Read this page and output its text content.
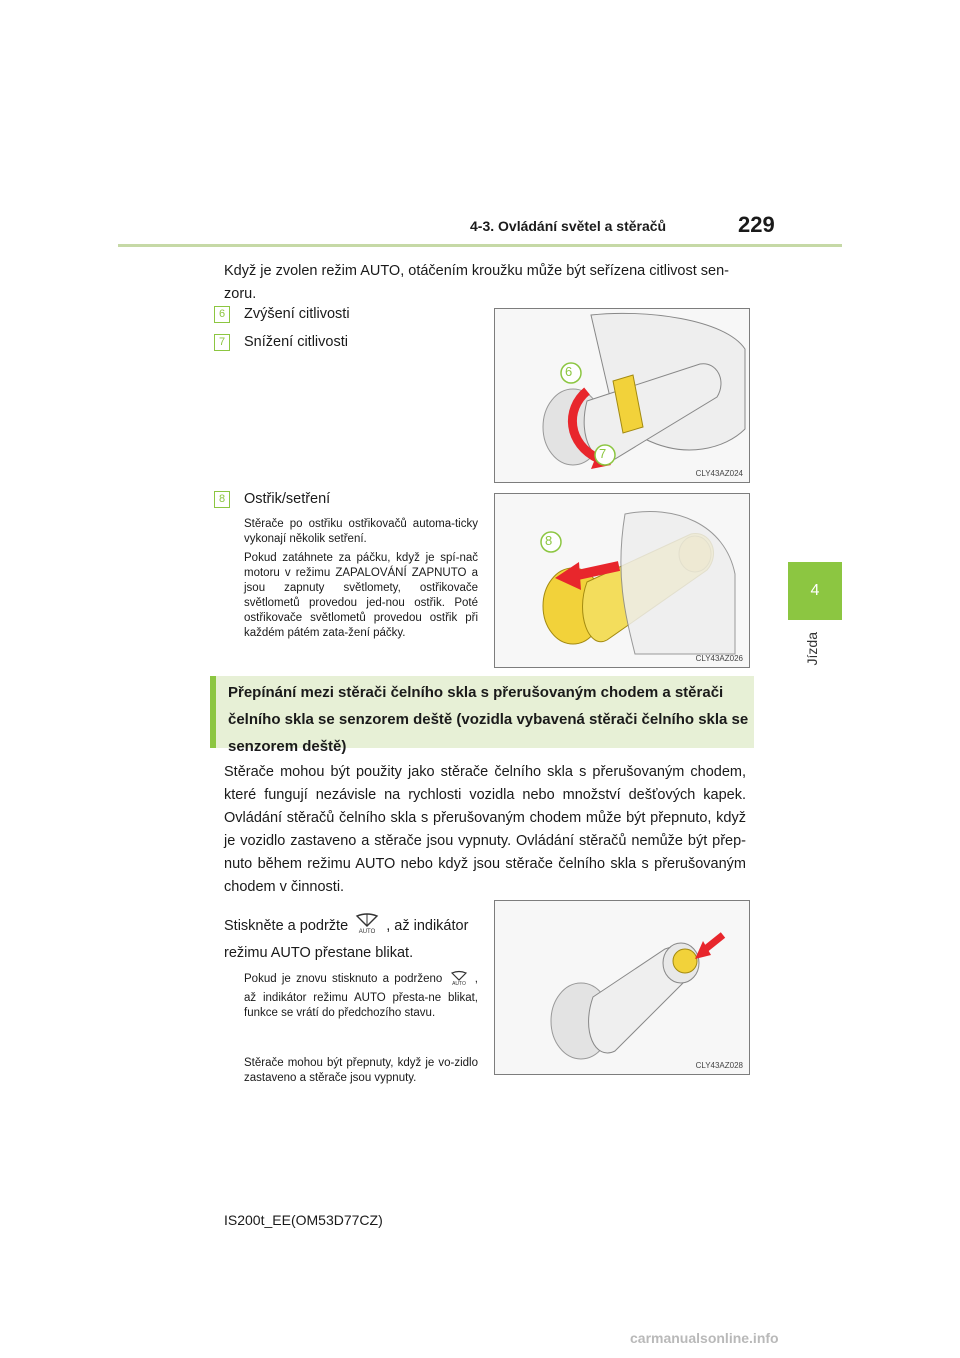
4-3. Ovládání světel a stěračů	229
4
Jízda
Když je zvolen režim AUTO, otáčením kroužku může být seřízena citlivost sen-zoru.
6	Zvýšení citlivosti
7	Snížení citlivosti
6
7
CLY43AZ024
8	Ostřik/setření
Stěrače po ostřiku ostřikovačů automa-ticky vykonají několik setření.
Pokud zatáhnete za páčku, když je spí-nač motoru v režimu ZAPALOVÁNÍ ZAPNUTO a jsou zapnuty světlomety, ostřikovače světlometů provedou jed-nou ostřik. Poté ostřikovače světlometů provedou ostřik při každém pátém zata-žení páčky.
8
CLY43AZ026
Přepínání mezi stěrači čelního skla s přerušovaným chodem a stěrači čelního skla se senzorem deště (vozidla vybavená stěrači čelního skla se senzorem deště)
Stěrače mohou být použity jako stěrače čelního skla s přerušovaným chodem, které fungují nezávisle na rychlosti vozidla nebo množství dešťových kapek. Ovládání stěračů čelního skla s přerušovaným chodem může být přepnuto, když je vozidlo zastaveno a stěrače jsou vypnuty. Ovládání stěračů nemůže být přep-nuto během režimu AUTO nebo když jsou stěrače čelního skla s přerušovaným chodem v činnosti.
Stiskněte a podržte AUTO , až indikátor režimu AUTO přestane blikat.
Pokud je znovu stisknuto a podrženo AUTO , až indikátor režimu AUTO přesta-ne blikat, funkce se vrátí do předchozího stavu.
Stěrače mohou být přepnuty, když je vo-zidlo zastaveno a stěrače jsou vypnuty.
CLY43AZ028
IS200t_EE(OM53D77CZ)
carmanualsonline.info
